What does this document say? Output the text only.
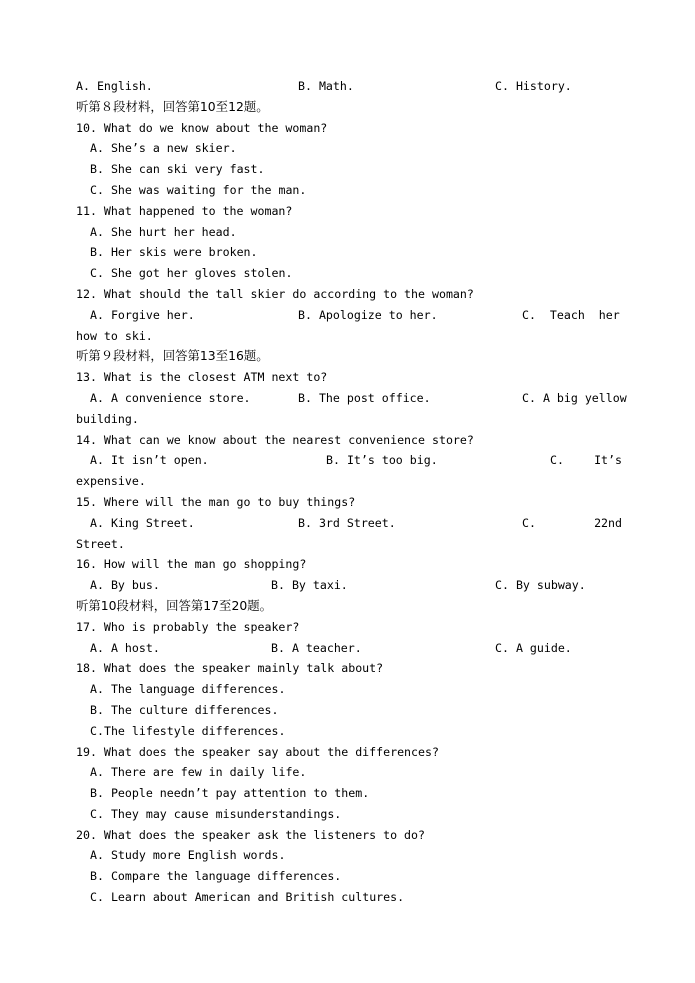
A. English.

	B. Math.

	C. History.

听第８段材料，回答第10至12题。
10. What do we know about the woman?
A. She’s a new skier.
B. She can ski very fast.
C. She was waiting for the man.
11. What happened to the woman?
A. She hurt her head.
B. Her skis were broken.
C. She got her gloves stolen.
12. What should the tall skier do according to the woman?

A. Forgive her.

	B. Apologize to her.

	C.  Teach  her

how to ski.
听第９段材料，回答第13至16题。
13. What is the closest ATM next to?

A. A convenience store.

	B. The post office.

	C. A big yellow

building.
14. What can we know about the nearest convenience store?

A. It isn’t open.

	B. It’s too big.

	C.

	It’s

expensive.
15. Where will the man go to buy things?

A. King Street.

	B. 3rd Street.

	C.

	22nd

Street.
16. How will the man go shopping?

A. By bus.

	B. By taxi.

	C. By subway.

听第10段材料，回答第17至20题。
17. Who is probably the speaker?

A. A host.

	B. A teacher.

	C. A guide.

18. What does the speaker mainly talk about?
A. The language differences.
B. The culture differences.
C.The lifestyle differences.
19. What does the speaker say about the differences?
A. There are few in daily life.
B. People needn’t pay attention to them.
C. They may cause misunderstandings.
20. What does the speaker ask the listeners to do?
A. Study more English words.
B. Compare the language differences.
C. Learn about American and British cultures.
